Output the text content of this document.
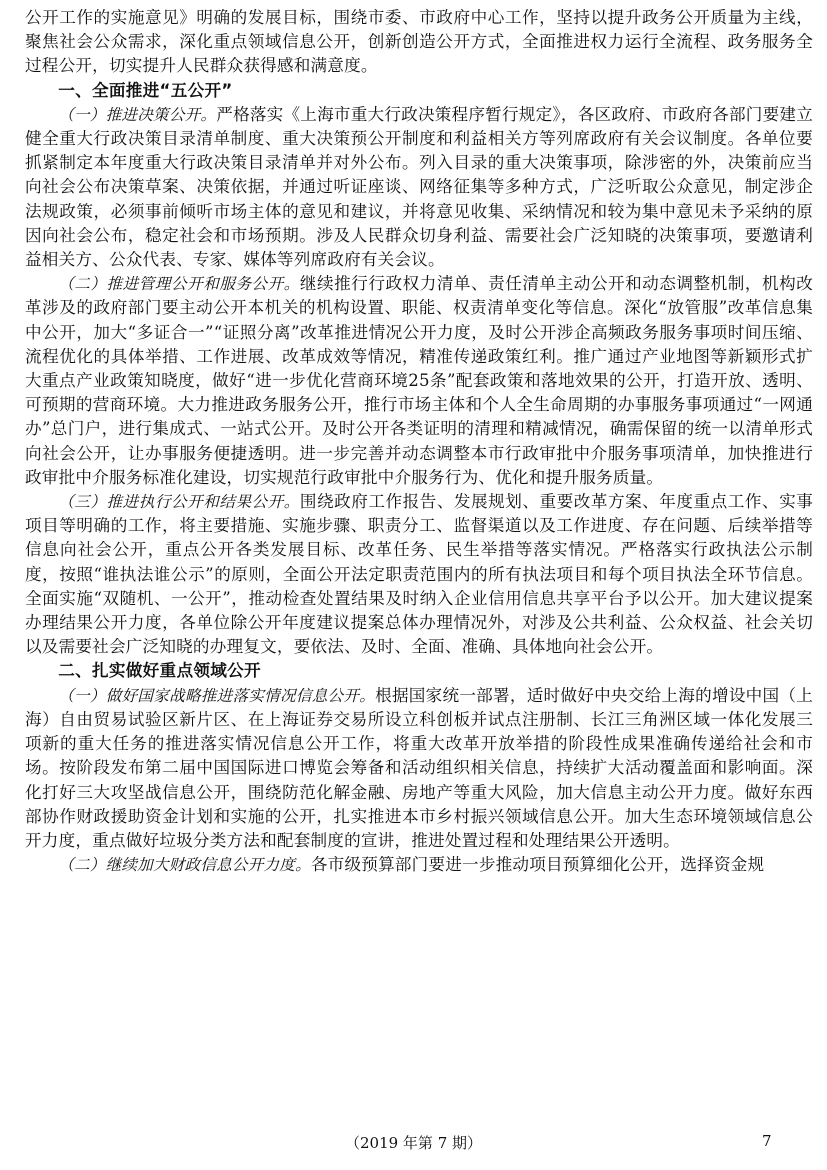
公开工作的实施意见》明确的发展目标，围绕市委、市政府中心工作，坚持以提升政务公开质量为主线，聚焦社会公众需求，深化重点领域信息公开，创新创造公开方式，全面推进权力运行全流程、政务服务全过程公开，切实提升人民群众获得感和满意度。

一、全面推进“五公开”

（一）推进决策公开。严格落实《上海市重大行政决策程序暂行规定》，各区政府、市政府各部门要建立健全重大行政决策目录清单制度、重大决策预公开制度和利益相关方等列席政府有关会议制度。各单位要抓紧制定本年度重大行政决策目录清单并对外公布。列入目录的重大决策事项，除涉密的外，决策前应当向社会公布决策草案、决策依据，并通过听证座谈、网络征集等多种方式，广泛听取公众意见，制定涉企法规政策，必须事前倾听市场主体的意见和建议，并将意见收集、采纳情况和较为集中意见未予采纳的原因向社会公布，稳定社会和市场预期。涉及人民群众切身利益、需要社会广泛知晓的决策事项，要邀请利益相关方、公众代表、专家、媒体等列席政府有关会议。

（二）推进管理公开和服务公开。继续推行行政权力清单、责任清单主动公开和动态调整机制，机构改革涉及的政府部门要主动公开本机关的机构设置、职能、权责清单变化等信息。深化“放管服”改革信息集中公开，加大“多证合一”“证照分离”改革推进情况公开力度，及时公开涉企高频政务服务事项时间压缩、流程优化的具体举措、工作进展、改革成效等情况，精准传递政策红利。推广通过产业地图等新颖形式扩大重点产业政策知晓度，做好“进一步优化营商环境25条”配套政策和落地效果的公开，打造开放、透明、可预期的营商环境。大力推进政务服务公开，推行市场主体和个人全生命周期的办事服务事项通过“一网通办”总门户，进行集成式、一站式公开。及时公开各类证明的清理和精减情况，确需保留的统一以清单形式向社会公开，让办事服务便捷透明。进一步完善并动态调整本市行政审批中介服务事项清单，加快推进行政审批中介服务标准化建设，切实规范行政审批中介服务行为、优化和提升服务质量。

（三）推进执行公开和结果公开。围绕政府工作报告、发展规划、重要改革方案、年度重点工作、实事项目等明确的工作，将主要措施、实施步骤、职责分工、监督渠道以及工作进度、存在问题、后续举措等信息向社会公开，重点公开各类发展目标、改革任务、民生举措等落实情况。严格落实行政执法公示制度，按照“谁执法谁公示”的原则，全面公开法定职责范围内的所有执法项目和每个项目执法全环节信息。全面实施“双随机、一公开”，推动检查处置结果及时纳入企业信用信息共享平台予以公开。加大建议提案办理结果公开力度，各单位除公开年度建议提案总体办理情况外，对涉及公共利益、公众权益、社会关切以及需要社会广泛知晓的办理复文，要依法、及时、全面、准确、具体地向社会公开。

二、扎实做好重点领域公开

（一）做好国家战略推进落实情况信息公开。根据国家统一部署，适时做好中央交给上海的增设中国（上海）自由贸易试验区新片区、在上海证券交易所设立科创板并试点注册制、长江三角洲区域一体化发展三项新的重大任务的推进落实情况信息公开工作，将重大改革开放举措的阶段性成果准确传递给社会和市场。按阶段发布第二届中国国际进口博览会筹备和活动组织相关信息，持续扩大活动覆盖面和影响面。深化打好三大攻坚战信息公开，围绕防范化解金融、房地产等重大风险，加大信息主动公开力度。做好东西部协作财政援助资金计划和实施的公开，扎实推进本市乡村振兴领域信息公开。加大生态环境领域信息公开力度，重点做好垃圾分类方法和配套制度的宣讲，推进处置过程和处理结果公开透明。

（二）继续加大财政信息公开力度。各市级预算部门要进一步推动项目预算细化公开，选择资金规

（2019 年第 7 期）	7
